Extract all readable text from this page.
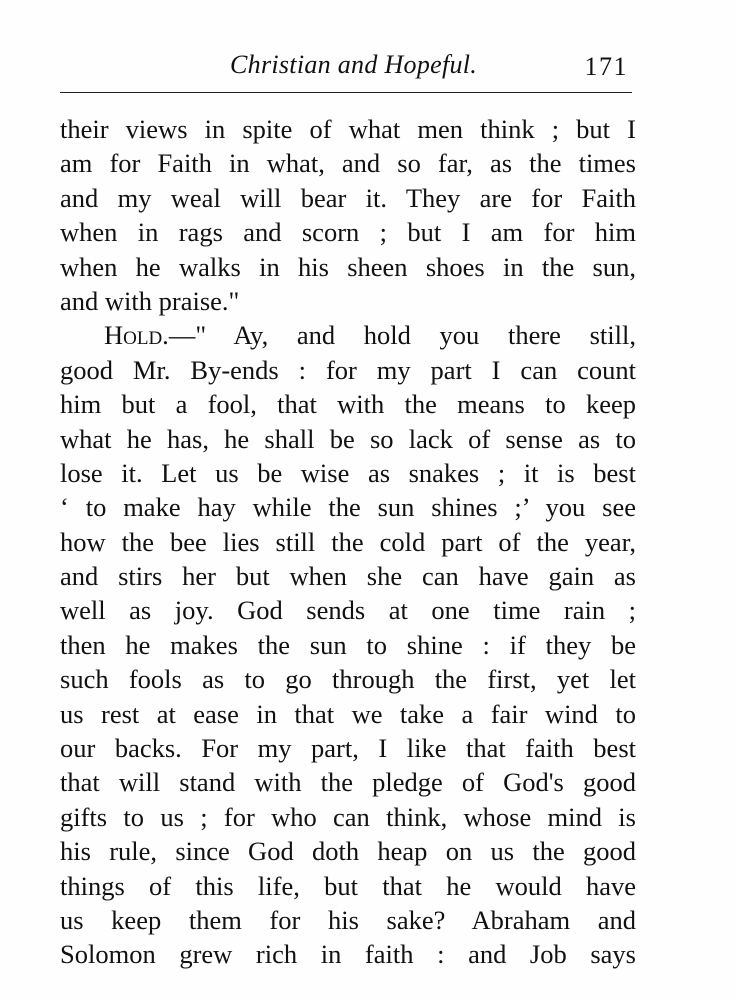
Christian and Hopeful.	171
their views in spite of what men think ; but I
am for Faith in what, and so far, as the times
and my weal will bear it. They are for Faith
when in rags and scorn ; but I am for him
when he walks in his sheen shoes in the sun,
and with praise."
Hold.—" Ay, and hold you there still,
good Mr. By-ends : for my part I can count
him but a fool, that with the means to keep
what he has, he shall be so lack of sense as to
lose it. Let us be wise as snakes ; it is best
‘ to make hay while the sun shines ;’ you see
how the bee lies still the cold part of the year,
and stirs her but when she can have gain as
well as joy. God sends at one time rain ;
then he makes the sun to shine : if they be
such fools as to go through the first, yet let
us rest at ease in that we take a fair wind to
our backs. For my part, I like that faith best
that will stand with the pledge of God's good
gifts to us ; for who can think, whose mind is
his rule, since God doth heap on us the good
things of this life, but that he would have
us keep them for his sake? Abraham and
Solomon grew rich in faith : and Job says
